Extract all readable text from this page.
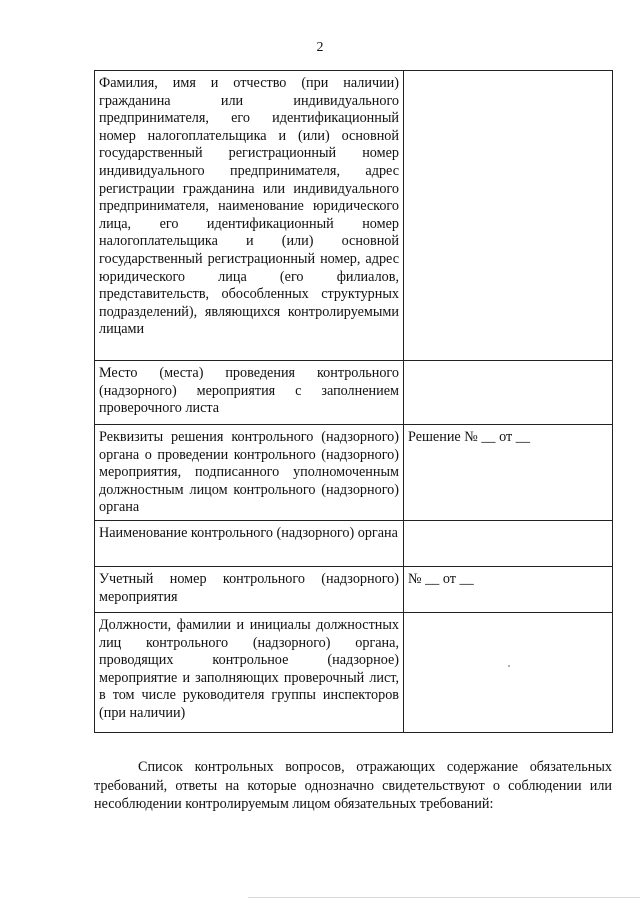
2
Фамилия, имя и отчество (при наличии) гражданина или индивидуального предпринимателя, его идентификационный номер налогоплательщика и (или) основной государственный регистрационный номер индивидуального предпринимателя, адрес регистрации гражданина или индивидуального предпринимателя, наименование юридического лица, его идентификационный номер налогоплательщика и (или) основной государственный регистрационный номер, адрес юридического лица (его филиалов, представительств, обособленных структурных подразделений), являющихся контролируемыми лицами	
Место (места) проведения контрольного (надзорного) мероприятия с заполнением проверочного листа	
Реквизиты решения контрольного (надзорного) органа о проведении контрольного (надзорного) мероприятия, подписанного уполномоченным должностным лицом контрольного (надзорного) органа	Решение № __ от __
Наименование контрольного (надзорного) органа	
Учетный номер контрольного (надзорного) мероприятия	№ __ от __
Должности, фамилии и инициалы должностных лиц контрольного (надзорного) органа, проводящих контрольное (надзорное) мероприятие и заполняющих проверочный лист, в том числе руководителя группы инспекторов (при наличии)	

Список контрольных вопросов, отражающих содержание обязательных требований, ответы на которые однозначно свидетельствуют о соблюдении или несоблюдении контролируемым лицом обязательных требований:
